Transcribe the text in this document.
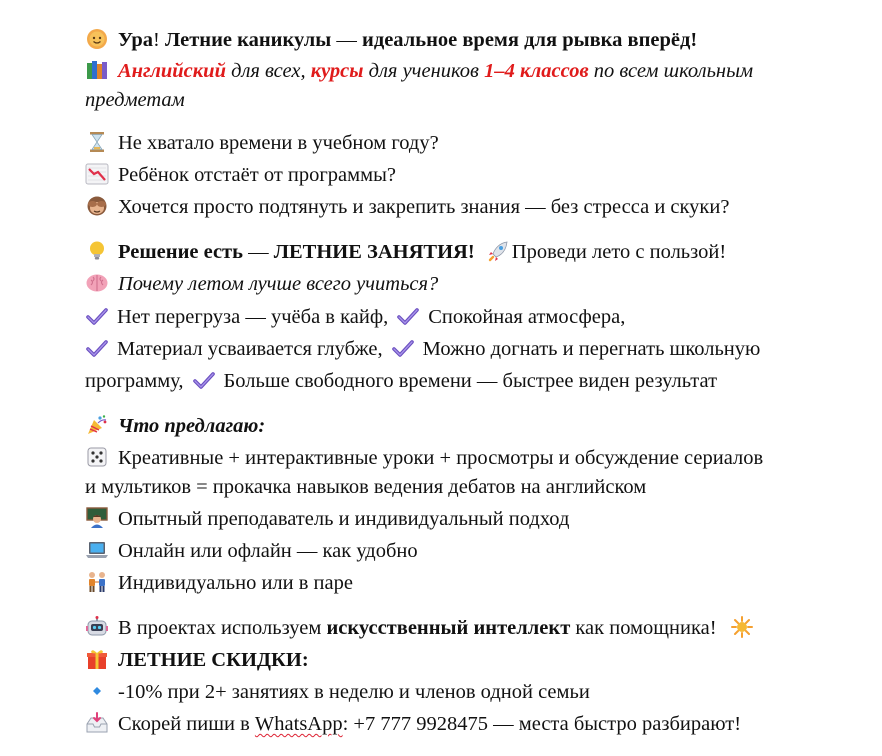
Ура! Летние каникулы — идеальное время для рывка вперёд!
Английский для всех, курсы для учеников 1–4 классов по всем школьным
предметам
Не хватало времени в учебном году?
Ребёнок отстаёт от программы?
Хочется просто подтянуть и закрепить знания — без стресса и скуки?
Решение есть — ЛЕТНИЕ ЗАНЯТИЯ! Проведи лето с пользой!
Почему летом лучше всего учиться?
Нет перегруза — учёба в кайф, Спокойная атмосфера,
Материал усваивается глубже, Можно догнать и перегнать школьную
программу, Больше свободного времени — быстрее виден результат
Что предлагаю:
Креативные + интерактивные уроки + просмотры и обсуждение сериалов
и мультиков = прокачка навыков ведения дебатов на английском
Опытный преподаватель и индивидуальный подход
Онлайн или офлайн — как удобно
Индивидуально или в паре
В проектах используем искусственный интеллект как помощника!
ЛЕТНИЕ СКИДКИ:
-10% при 2+ занятиях в неделю и членов одной семьи
Скорей пиши в WhatsApp: +7 777 9928475 — места быстро разбирают!
